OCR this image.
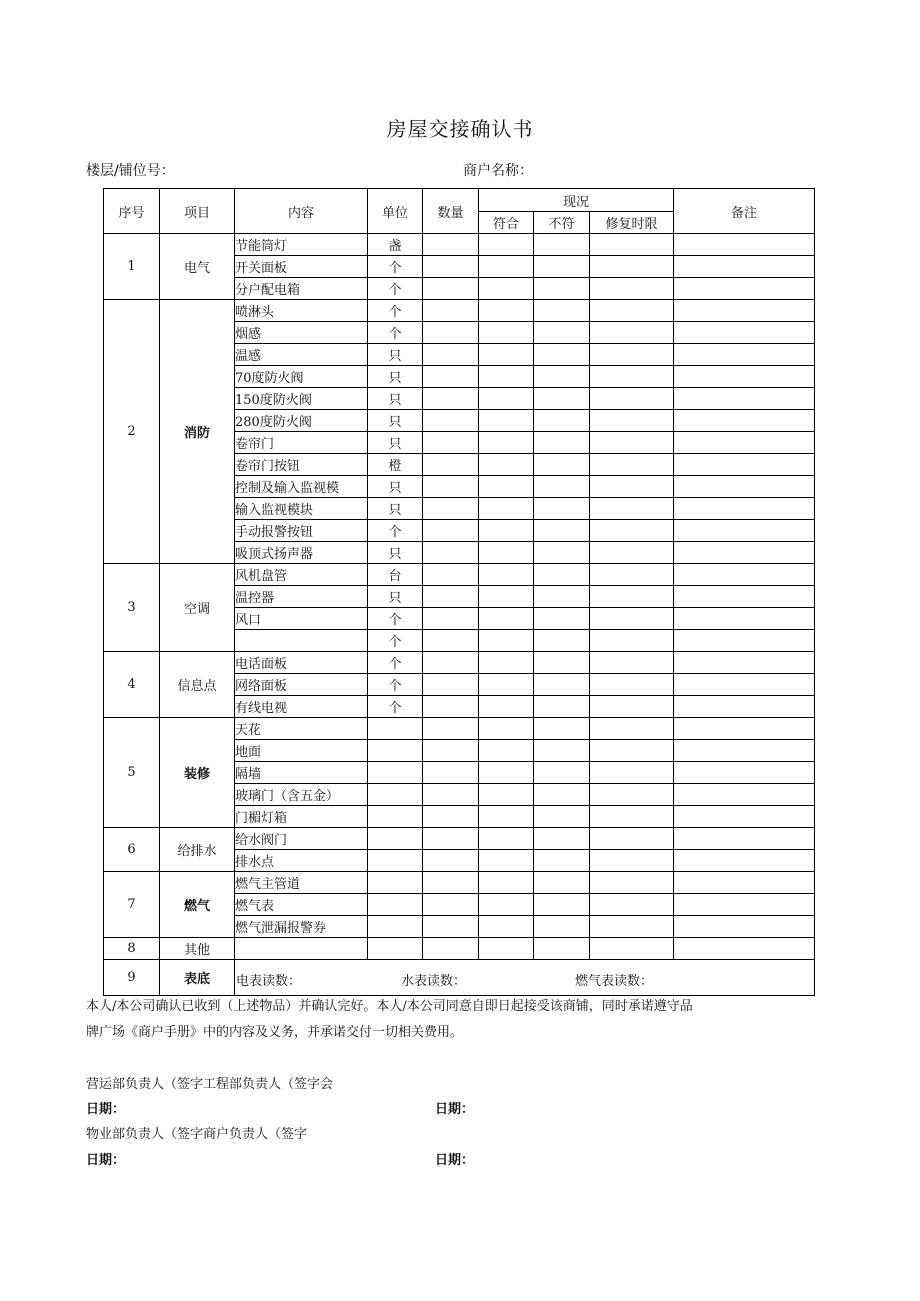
房屋交接确认书
楼层/铺位号：	商户名称：
序号	项目	内容	单位	数量	现况			备注
					符合	不符	修复时限	
1	电气	节能筒灯	盏					
		开关面板	个					
		分户配电箱	个					
2	消防	喷淋头	个					
		烟感	个					
		温感	只					
		70度防火阀	只					
		150度防火阀	只					
		280度防火阀	只					
		卷帘门	只					
		卷帘门按钮	橙					
		控制及输入监视模	只					
		输入监视模块	只					
		手动报警按钮	个					
		吸顶式扬声器	只					
3	空调	风机盘管	台					
		温控器	只					
		风口	个					
			个					
4	信息点	电话面板	个					
		网络面板	个					
		有线电视	个					
5	装修	天花						
		地面						
		隔墙						
		玻璃门（含五金）						
		门楣灯箱						
6	给排水	给水阀门						
		排水点						
7	燃气	燃气主管道						
		燃气表						
		燃气泄漏报警券						
8	其他							
9	表底	电表读数： 水表读数： 燃气表读数：						
本人/本公司确认已收到（上述物品）并确认完好。本人/本公司同意自即日起接受该商铺，同时承诺遵守品
牌广场《商户手册》中的内容及义务，并承诺交付一切相关费用。
营运部负责人（签字工程部负责人（签字会
日期：	日期：
物业部负责人（签字商户负责人（签字
日期：	日期：
